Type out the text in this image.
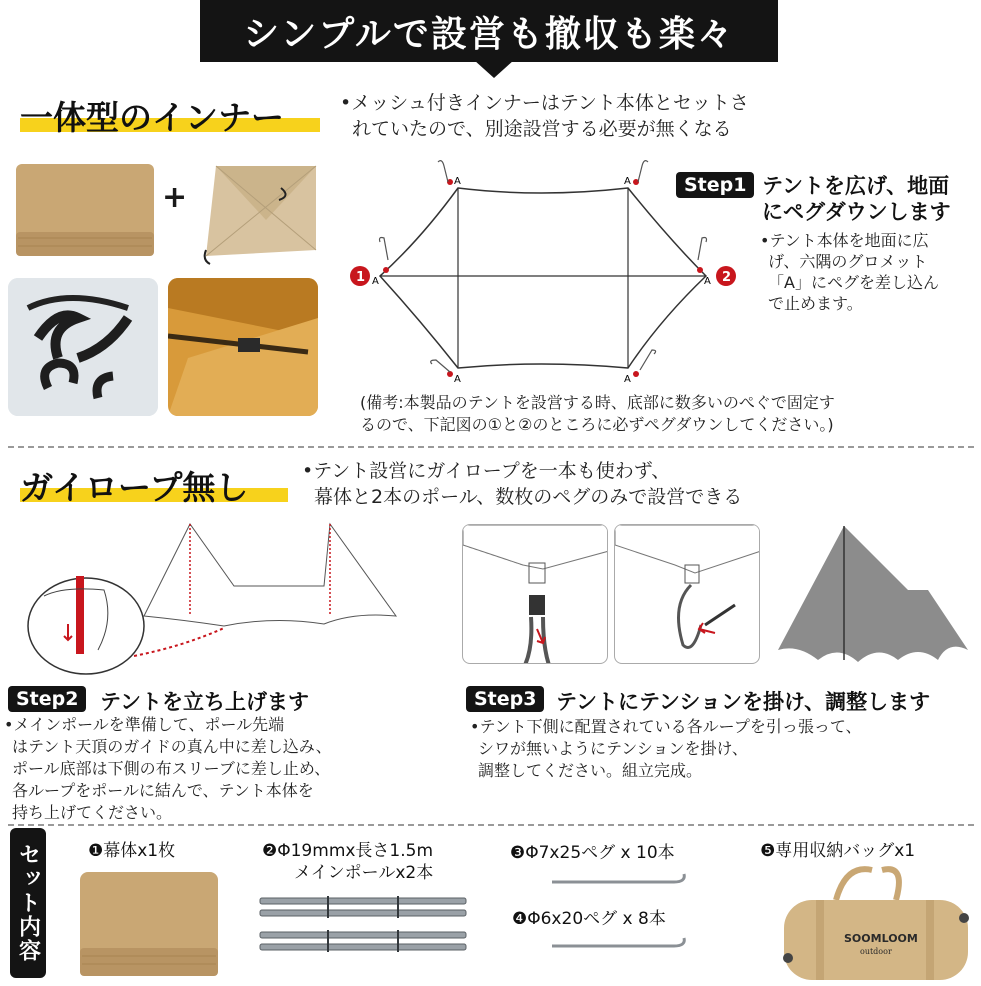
シンプルで設営も撤収も楽々
一体型のインナー	•メッシュ付きインナーはテント本体とセットさ
れていたので、別途設営する必要が無くなる
+	A	A
A	A
A	A
1	2
Step1 テントを広げ、地面
にペグダウンします
•テント本体を地面に広
げ、六隅のグロメット
「A」にペグを差し込ん
で止めます。
(備考:本製品のテントを設営する時、底部に数多いのぺぐで固定す
るので、下記図の①と②のところに必ずペグダウンしてください。)
ガイロープ無し	•テント設営にガイロープを一本も使わず、
幕体と2本のポール、数枚のペグのみで設営できる
Step2	テントを立ち上げます
•メインポールを準備して、ポール先端
はテント天頂のガイドの真ん中に差し込み、
ポール底部は下側の布スリーブに差し止め、
各ループをポールに結んで、テント本体を
持ち上げてください。
Step3 テントにテンションを掛け、調整します
•テント下側に配置されている各ループを引っ張って、
シワが無いようにテンションを掛け、
調整してください。組立完成。
セット内容	❶幕体x1枚	❷Φ19mmx長さ1.5m
メインポールx2本
❸Φ7x25ペグ x 10本
❹Φ6x20ペグ x 8本
❺専用収納バッグx1
SOOMLOOM
outdoor
